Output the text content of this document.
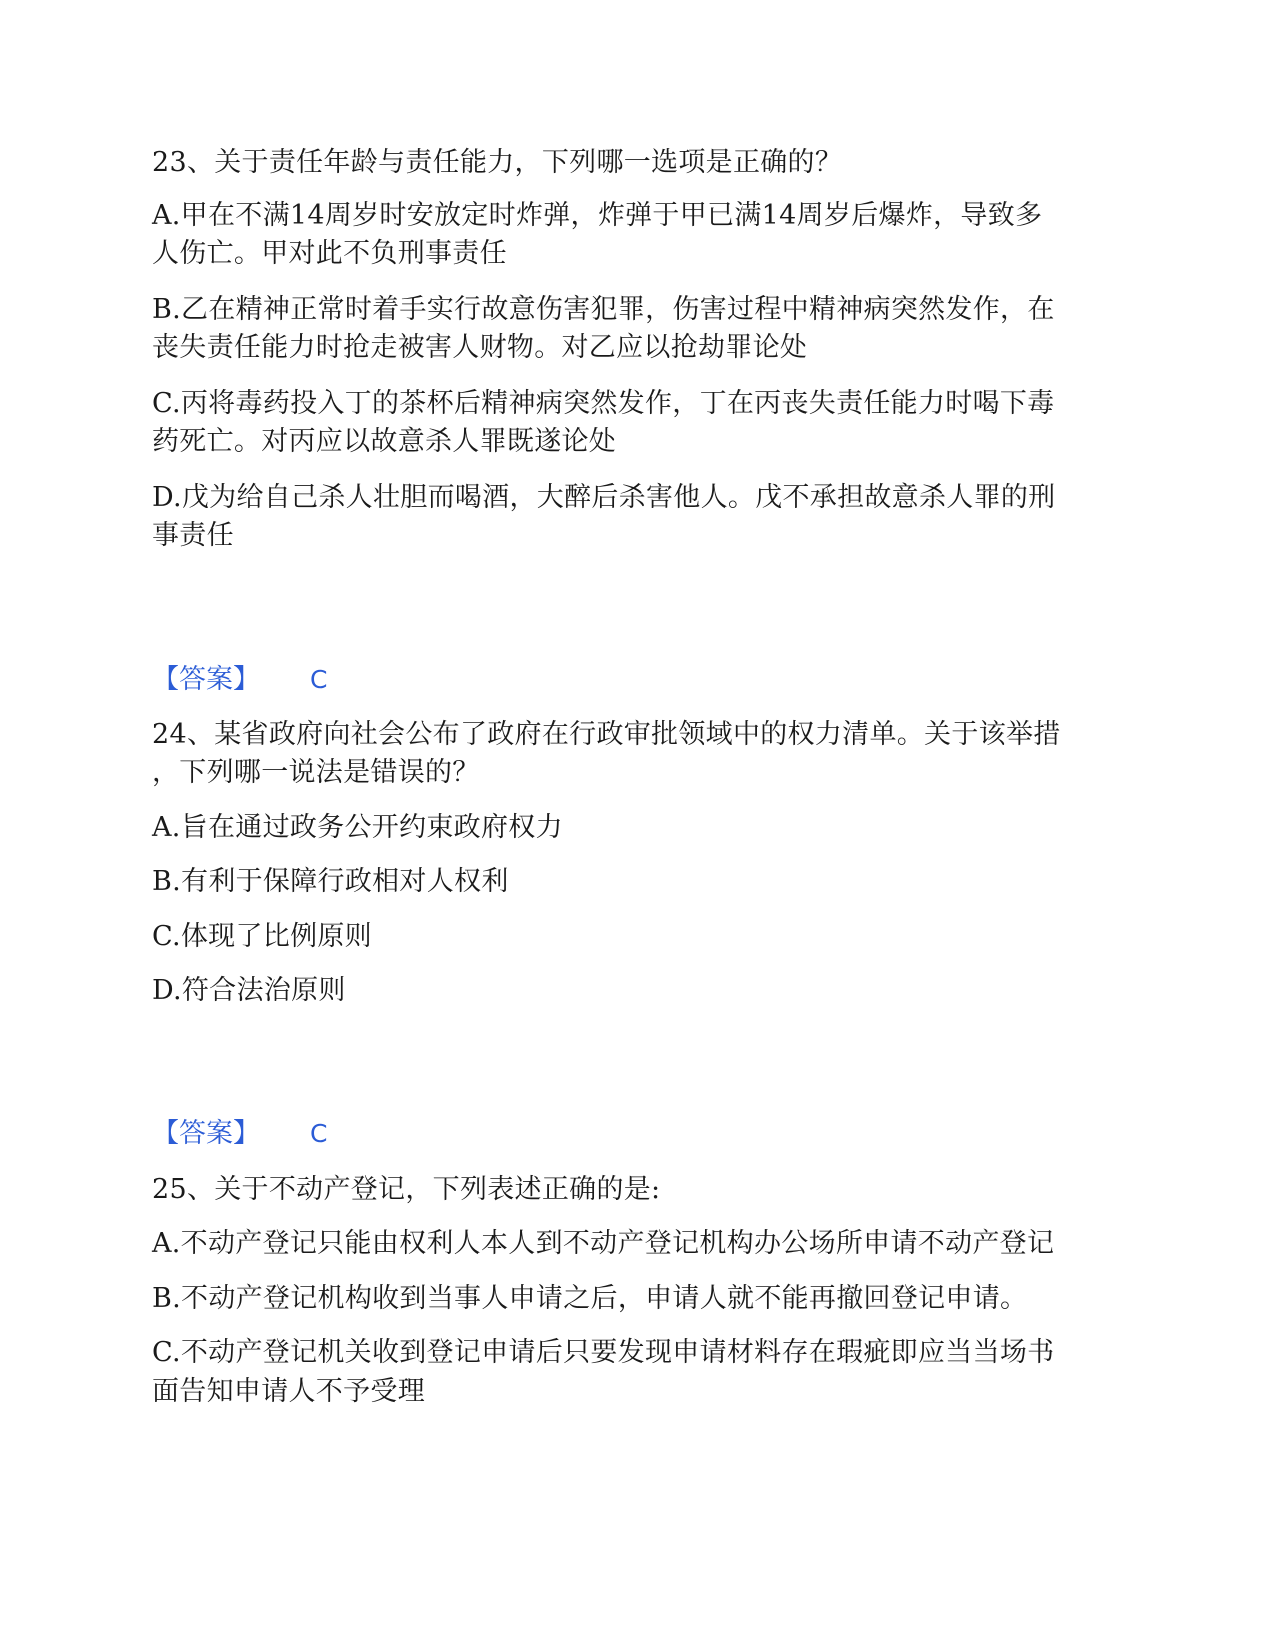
23、关于责任年龄与责任能力，下列哪一选项是正确的？
A.甲在不满14周岁时安放定时炸弹，炸弹于甲已满14周岁后爆炸，导致多
人伤亡。甲对此不负刑事责任
B.乙在精神正常时着手实行故意伤害犯罪，伤害过程中精神病突然发作，在
丧失责任能力时抢走被害人财物。对乙应以抢劫罪论处
C.丙将毒药投入丁的茶杯后精神病突然发作，丁在丙丧失责任能力时喝下毒
药死亡。对丙应以故意杀人罪既遂论处
D.戊为给自己杀人壮胆而喝酒，大醉后杀害他人。戊不承担故意杀人罪的刑
事责任
【答案】 C
24、某省政府向社会公布了政府在行政审批领域中的权力清单。关于该举措
，下列哪一说法是错误的？
A.旨在通过政务公开约束政府权力
B.有利于保障行政相对人权利
C.体现了比例原则
D.符合法治原则
【答案】 C
25、关于不动产登记，下列表述正确的是:
A.不动产登记只能由权利人本人到不动产登记机构办公场所申请不动产登记
B.不动产登记机构收到当事人申请之后，申请人就不能再撤回登记申请。
C.不动产登记机关收到登记申请后只要发现申请材料存在瑕疵即应当当场书
面告知申请人不予受理
